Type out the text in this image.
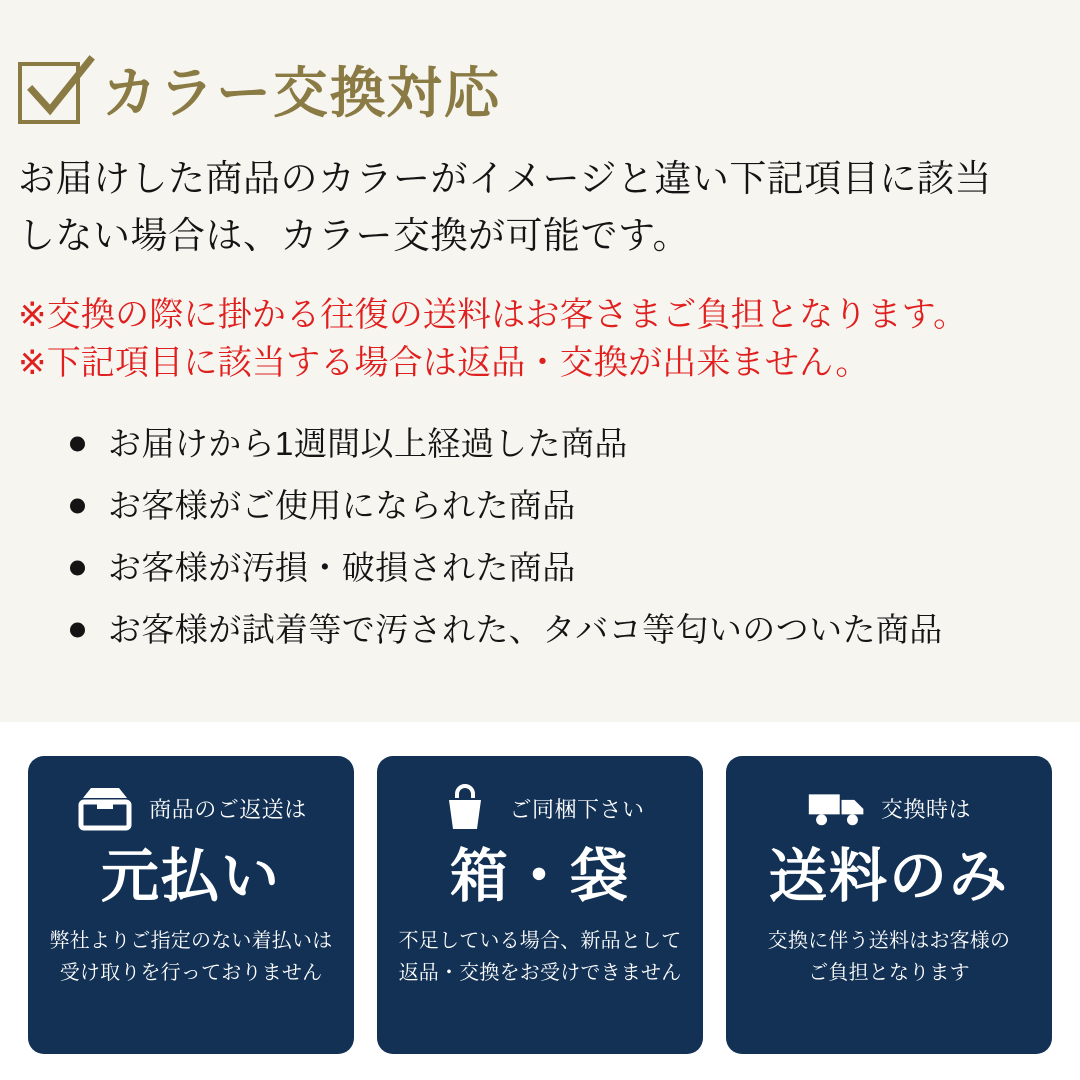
カラー交換対応
お届けした商品のカラーがイメージと違い下記項目に該当
しない場合は、カラー交換が可能です。
※交換の際に掛かる往復の送料はお客さまご負担となります。
※下記項目に該当する場合は返品・交換が出来ません。
お届けから1週間以上経過した商品
お客様がご使用になられた商品
お客様が汚損・破損された商品
お客様が試着等で汚された、タバコ等匂いのついた商品
商品のご返送は
元払い
弊社よりご指定のない着払いは
受け取りを行っておりません
ご同梱下さい
箱・袋
不足している場合、新品として
返品・交換をお受けできません
交換時は
送料のみ
交換に伴う送料はお客様の
ご負担となります
